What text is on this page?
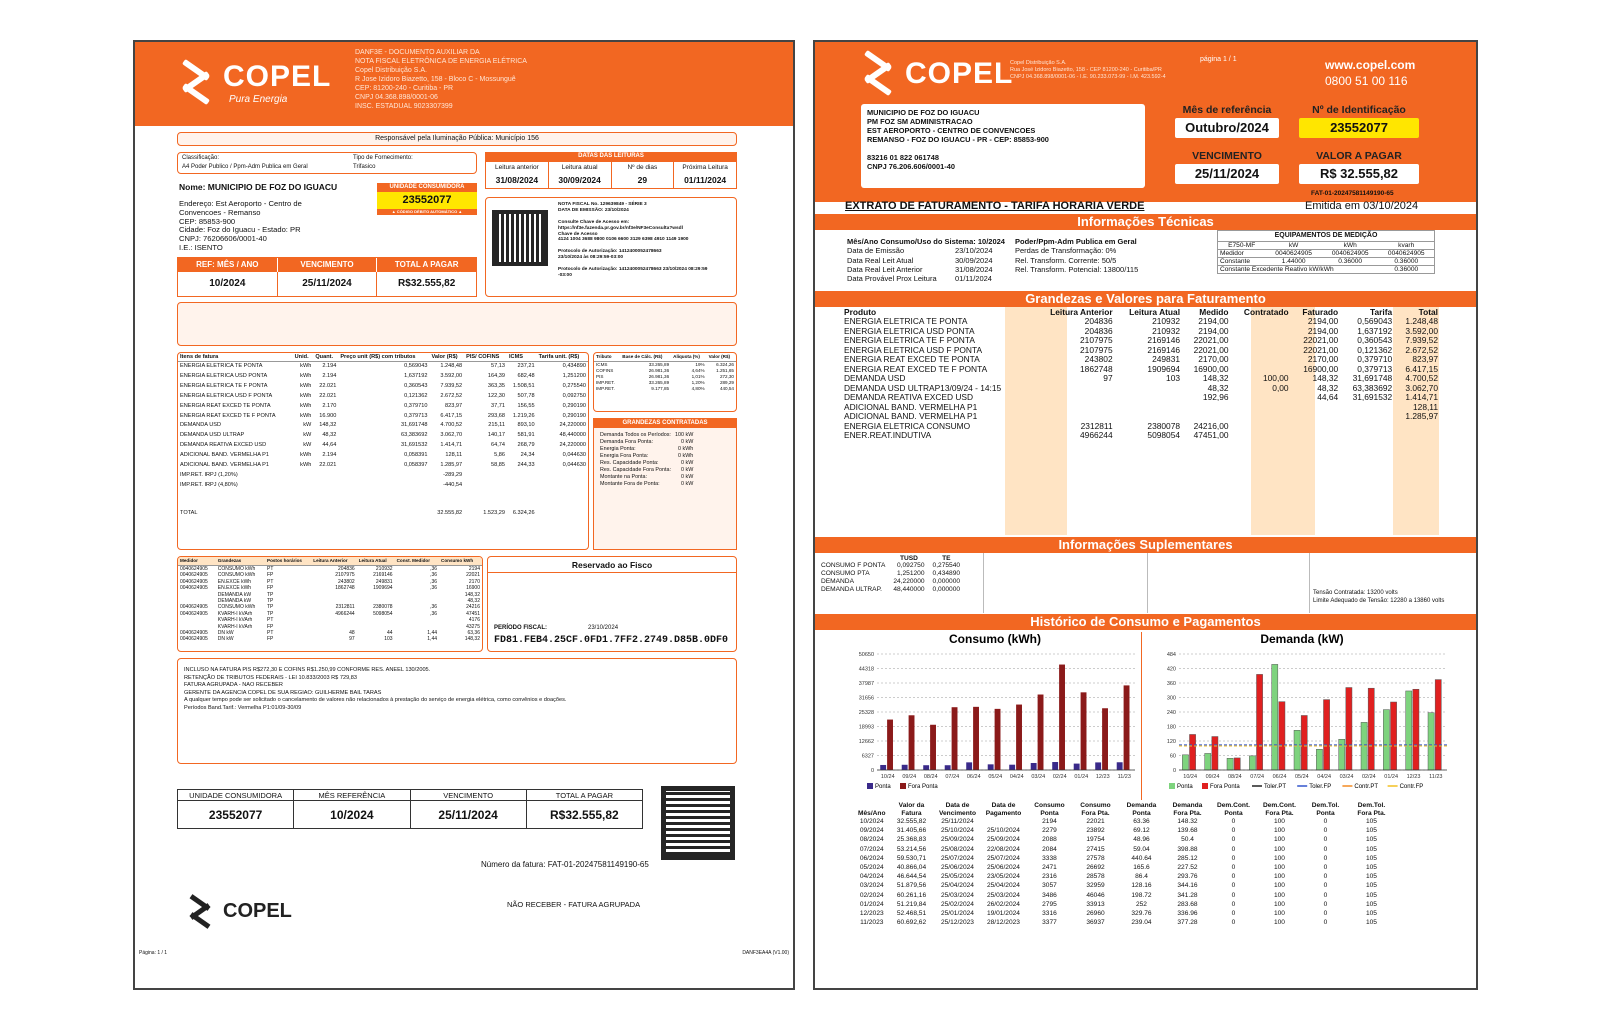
COPEL
Pura Energia
DANF3E - DOCUMENTO AUXILIAR DA
NOTA FISCAL ELETRÔNICA DE ENERGIA ELÉTRICA
Copel Distribuição S.A.
R Jose Izidoro Biazetto, 158 - Bloco C - Mossunguê
CEP: 81200-240 - Curitiba - PR
CNPJ 04.368.898/0001-06
INSC. ESTADUAL 9023307399
Responsável pela Iluminação Pública: Município 156
Classificação:
A4 Poder Publico / Ppm-Adm Publica em Geral
Tipo de Fornecimento:
Trifasico
DATAS DAS LEITURAS
Leitura anterior
31/08/2024
Leitura atual
30/09/2024
Nº de dias
29
Próxima Leitura
01/11/2024
Nome: MUNICIPIO DE FOZ DO IGUACU	UNIDADE CONSUMIDORA
23552077
▲ CÓDIGO DÉBITO AUTOMÁTICO ▲
Endereço: Est Aeroporto - Centro de
Convencoes - Remanso
CEP: 85853-900
Cidade: Foz do Iguacu - Estado: PR
CNPJ: 76206606/0001-40
I.E.: ISENTO
NOTA FISCAL No. 129639849 - SÉRIE 3
DATA DE EMISSÃO: 23/10/2024

Consulte Chave de Acesso em:
https://nf3e.fazenda.pr.gov.br/nf3e/NF3eConsulta?wsdl
Chave de Acesso
4124 1004 3688 9800 0106 6600 3129 6398 4910 1149 1900

Protocolo de Autorização: 1412400052478663
23/10/2024 às 08:29:59-03:00

Protocolo de Autorização: 1412400052478663 23/10/2024 08:29:59
-03:00
REF: MÊS / ANO	VENCIMENTO	TOTAL A PAGAR
10/2024	25/11/2024	R$32.555,82
Itens de fatura	Unid.	Quant.	Preço unit (R$) com tributos	Valor (R$)	PIS/ COFINS	ICMS	Tarifa unit. (R$)
ENERGIA ELETRICA TE PONTA	kWh	2.194	0,569043	1.248,48	57,13	237,21	0,434890
ENERGIA ELETRICA USD PONTA	kWh	2.194	1,637192	3.592,00	164,39	682,48	1,251200
ENERGIA ELETRICA TE F PONTA	kWh	22.021	0,360543	7.939,52	363,35	1.508,51	0,275540
ENERGIA ELETRICA USD F PONTA	kWh	22.021	0,121362	2.672,52	122,30	507,78	0,092750
ENERGIA REAT EXCED TE PONTA	kWh	2.170	0,379710	823,97	37,71	156,55	0,290190
ENERGIA REAT EXCED TE F PONTA	kWh	16.900	0,379713	6.417,15	293,68	1.219,26	0,290190
DEMANDA USD	kW	148,32	31,691748	4.700,52	215,11	893,10	24,220000
DEMANDA USD ULTRAP	kW	48,32	63,383692	3.062,70	140,17	581,91	48,440000
DEMANDA REATIVA EXCED USD	kW	44,64	31,691532	1.414,71	64,74	268,79	24,220000
ADICIONAL BAND. VERMELHA P1	kWh	2.194	0,058391	128,11	5,86	24,34	0,044630
ADICIONAL BAND. VERMELHA P1	kWh	22.021	0,058397	1.285,97	58,85	244,33	0,044630
IMP.RET. IRPJ (1,20%)				-289,29			
IMP.RET. IRPJ (4,80%)				-440,54			

TOTAL				32.555,82	1.523,29	6.324,26	
Tributo	Base de Cálc. (R$)	Alíquota (%)	Valor (R$)
ICMS	33.265,89	19%	6.324,26
COFINS	26.981,36	4,64%	1.251,65
PIS	26.981,36	1,01%	272,30
IMP.RET.	33.265,89	1,20%	289,29
IMP.RET.	9.177,85	4,80%	440,54
GRANDEZAS CONTRATADAS
Demanda Todos os Períodos:	100 kW
Demanda Fora Ponta:	0 kW
Energia Ponta:	0 kWh
Energia Fora Ponta:	0 kWh
Res. Capacidade Ponta:	0 kW
Res. Capacidade Fora Ponta:	0 kW
Montante na Ponta:	0 kW
Montante Fora de Ponta:	0 kW
Medidor	Grandezas	Postos horários	Leitura Anterior	Leitura Atual	Const. Medidor	Consumo kWh
0040624905	CONSUMO kWh	PT	204836	210932	,36	2194
0040624905	CONSUMO kWh	FP	2107975	2169146	,36	22021
0040624905	EN.EXCE kWh	PT	243802	249831	,36	2170
0040624905	EN.EXCE kWh	FP	1862748	1909694	,36	16900
	DEMANDA kW	TP				148,32
	DEMANDA kW	TP				48,32
0040624905	CONSUMO kWh	TP	2312811	2380078	,36	24216
0040624905	KVARH-I kVArh	TP	4966244	5098054	,36	47451
	KVARH-I kVArh	PT				4176
	KVARH-I kVArh	FP				43275
0040624905	DN kW	PT	48	44	1,44	63,36
0040624905	DN kW	FP	97	103	1,44	148,32
Reservado ao Fisco
PERÍODO FISCAL:	23/10/2024
FD81.FEB4.25CF.0FD1.7FF2.2749.D85B.0DF0
INCLUSO NA FATURA PIS R$272,30 E COFINS R$1.250,99 CONFORME RES. ANEEL 130/2005.
RETENÇÃO DE TRIBUTOS FEDERAIS - LEI 10.833/2003 R$ 729,83
FATURA AGRUPADA - NAO RECEBER
GERENTE DA AGENCIA COPEL DE SUA REGIAO: GUILHERME BAIL TARAS
A qualquer tempo pode ser solicitado o cancelamento de valores não relacionados à prestação do serviço de energia elétrica, como convênios e doações.
Períodos Band.Tarif.: Vermelha P1:01/09-30/09
UNIDADE CONSUMIDORA	MÊS REFERÊNCIA	VENCIMENTO	TOTAL A PAGAR
23552077	10/2024	25/11/2024	R$32.555,82
Número da fatura: FAT-01-20247581149190-65
COPEL	NÃO RECEBER - FATURA AGRUPADA
Página: 1 / 1	DANF3EA4A (V1.00)
COPEL
Copel Distribuição S.A.
Rua José Izidoro Biazetto, 158 - CEP 81200-240 - Curitiba/PR
CNPJ 04.368.898/0001-06 - I.E. 90.233.073-99 - I.M. 423.592-4
página 1 / 1	www.copel.com
0800 51 00 116
MUNICIPIO DE FOZ DO IGUACU
PM FOZ SM ADMINISTRACAO
EST AEROPORTO - CENTRO DE CONVENCOES
REMANSO - FOZ DO IGUACU - PR - CEP: 85853-900

83216 01 822 061748
CNPJ 76.206.606/0001-40
Mês de referência
Outubro/2024
Nº de Identificação
23552077
VENCIMENTO
25/11/2024
VALOR A PAGAR
R$ 32.555,82
FAT-01-20247581149190-65
EXTRATO DE FATURAMENTO - TARIFA HORARIA VERDE	Emitida em 03/10/2024
Informações Técnicas
Mês/Ano Consumo/Uso do Sistema: 10/2024
Data de Emissão	23/10/2024
Data Real Leit Atual	30/09/2024
Data Real Leit Anterior	31/08/2024
Data Provável Prox Leitura	01/11/2024
Poder/Ppm-Adm Publica em Geral
Perdas de Transformação: 0%
Rel. Transform. Corrente: 50/5
Rel. Transform. Potencial: 13800/115
EQUIPAMENTOS DE MEDIÇÃO
E750-MF	kW	kWh	kvarh
Medidor	0040624905	0040624905	0040624905
Constante	1.44000	0.36000	0.36000
Constante Excedente Reativo kW/kWh			0.36000
Grandezas e Valores para Faturamento
Produto	Leitura Anterior	Leitura Atual	Medido	Contratado	Faturado	Tarifa	Total
ENERGIA ELETRICA TE PONTA	204836	210932	2194,00		2194,00	0,569043	1.248,48
ENERGIA ELETRICA USD PONTA	204836	210932	2194,00		2194,00	1,637192	3.592,00
ENERGIA ELETRICA TE F PONTA	2107975	2169146	22021,00		22021,00	0,360543	7.939,52
ENERGIA ELETRICA USD F PONTA	2107975	2169146	22021,00		22021,00	0,121362	2.672,52
ENERGIA REAT EXCED TE PONTA	243802	249831	2170,00		2170,00	0,379710	823,97
ENERGIA REAT EXCED TE F PONTA	1862748	1909694	16900,00		16900,00	0,379713	6.417,15
DEMANDA USD	97	103	148,32	100,00	148,32	31,691748	4.700,52
DEMANDA USD ULTRAP13/09/24 - 14:15			48,32	0,00	48,32	63,383692	3.062,70
DEMANDA REATIVA EXCED USD			192,96		44,64	31,691532	1.414,71
ADICIONAL BAND. VERMELHA P1							128,11
ADICIONAL BAND. VERMELHA P1							1.285,97
ENERGIA ELETRICA CONSUMO	2312811	2380078	24216,00				
ENER.REAT.INDUTIVA	4966244	5098054	47451,00				
Informações Suplementares
	TUSD	TE
CONSUMO F PONTA	0,092750	0,275540
CONSUMO PTA	1,251200	0,434890
DEMANDA	24,220000	0,000000
DEMANDA ULTRAP.	48,440000	0,000000	Tensão Contratada: 13200 volts
Limite Adequado de Tensão: 12280 a 13860 volts
Histórico de Consumo e Pagamentos
Consumo (kWh)
0
6327
12662
18993
25328
31656
37987
44318
50650
10/24 09/24 08/24 07/24 06/24 05/24 04/24 03/24 02/24 01/24 12/23 11/23
Ponta	Fora Ponta
Demanda (kW)
0
60
120
180
240
300
360
420
484
10/24 09/24 08/24 07/24 06/24 05/24 04/24 03/24 02/24 01/24 12/23 11/23
Ponta	Fora Ponta	Toler.PT	Toler.FP	Contr.PT	Contr.FP
Mês/Ano	Valor da Fatura	Data de Vencimento	Data de Pagamento	Consumo Ponta	Consumo Fora Pta.	Demanda Ponta	Demanda Fora Pta.	Dem.Cont. Ponta	Dem.Cont. Fora Pta.	Dem.Tol. Ponta	Dem.Tol. Fora Pta.
10/2024	32.555,82	25/11/2024		2194	22021	63.36	148.32	0	100	0	105
09/2024	31.405,66	25/10/2024	25/10/2024	2279	23892	69.12	139.68	0	100	0	105
08/2024	25.368,83	25/09/2024	25/09/2024	2088	19754	48.96	50.4	0	100	0	105
07/2024	53.214,56	25/08/2024	22/08/2024	2084	27415	59.04	398.88	0	100	0	105
06/2024	59.530,71	25/07/2024	25/07/2024	3338	27578	440.64	285.12	0	100	0	105
05/2024	40.866,04	25/06/2024	25/06/2024	2471	26692	165.6	227.52	0	100	0	105
04/2024	46.644,54	25/05/2024	23/05/2024	2316	28578	86.4	293.76	0	100	0	105
03/2024	51.879,56	25/04/2024	25/04/2024	3057	32959	128.16	344.16	0	100	0	105
02/2024	60.261,16	25/03/2024	25/03/2024	3486	46046	198.72	341.28	0	100	0	105
01/2024	51.219,84	25/02/2024	26/02/2024	2795	33913	252	283.68	0	100	0	105
12/2023	52.468,51	25/01/2024	19/01/2024	3316	26960	329.76	336.96	0	100	0	105
11/2023	60.692,62	25/12/2023	28/12/2023	3377	36937	239.04	377.28	0	100	0	105
